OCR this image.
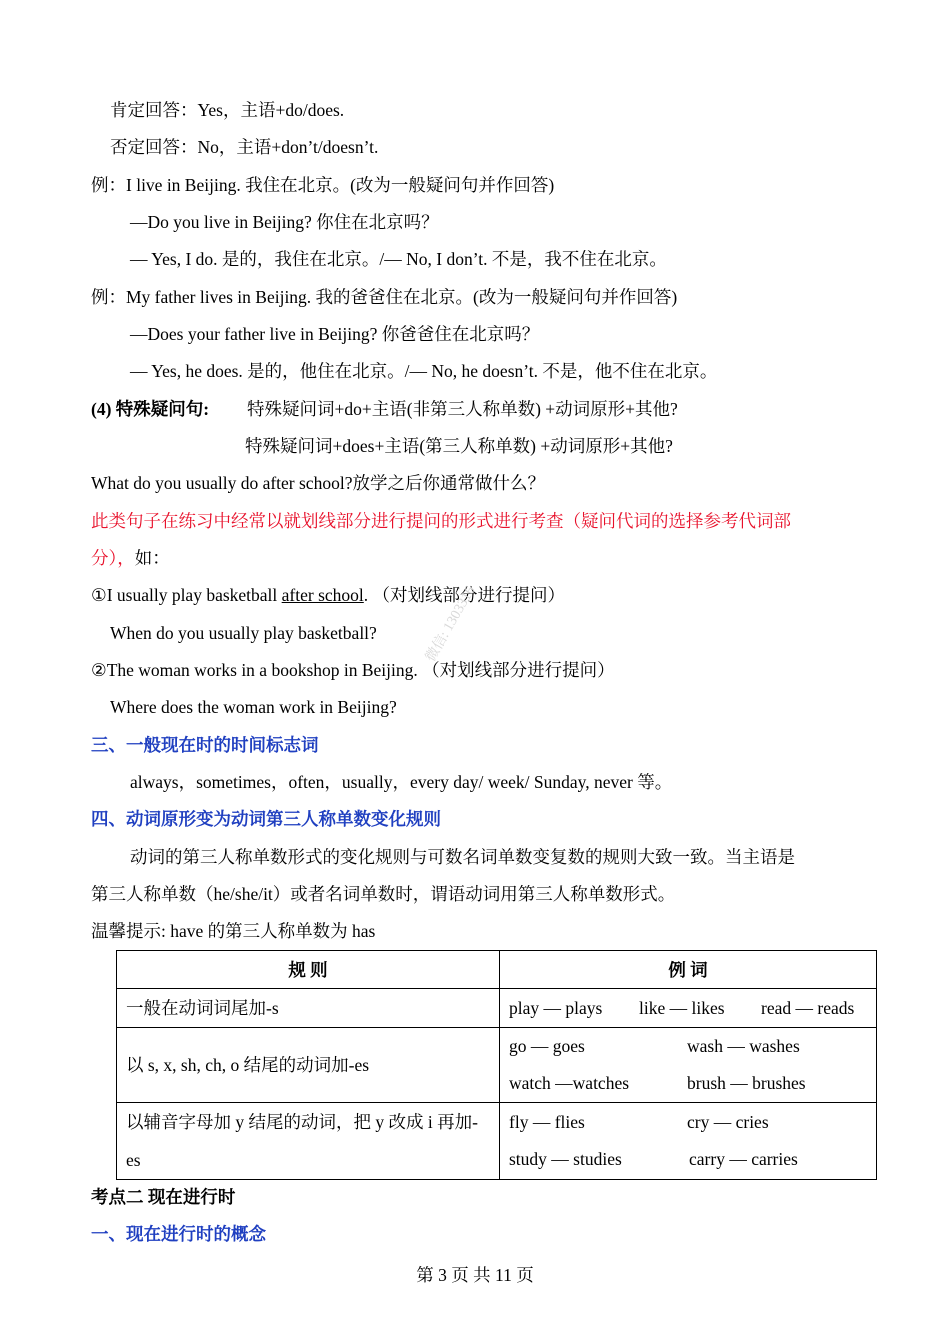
肯定回答：Yes，主语+do/does.
否定回答：No，主语+don’t/doesn’t.
例：I live in Beijing. 我住在北京。(改为一般疑问句并作回答)
—Do you live in Beijing? 你住在北京吗？
— Yes, I do. 是的，我住在北京。/— No, I don’t. 不是，我不住在北京。
例：My father lives in Beijing. 我的爸爸住在北京。(改为一般疑问句并作回答)
—Does your father live in Beijing? 你爸爸住在北京吗？
— Yes, he does. 是的，他住在北京。/— No, he doesn’t. 不是，他不住在北京。
(4) 特殊疑问句: 特殊疑问词+do+主语(非第三人称单数) +动词原形+其他?
特殊疑问词+does+主语(第三人称单数) +动词原形+其他?
What do you usually do after school?放学之后你通常做什么？
此类句子在练习中经常以就划线部分进行提问的形式进行考查（疑问代词的选择参考代词部
分），如：
①I usually play basketball after school. （对划线部分进行提问）
When do you usually play basketball?
②The woman works in a bookshop in Beijing. （对划线部分进行提问）
Where does the woman work in Beijing?
微信: 1303316
三、一般现在时的时间标志词
always，sometimes，often，usually，every day/ week/ Sunday, never 等。
四、动词原形变为动词第三人称单数变化规则
动词的第三人称单数形式的变化规则与可数名词单数变复数的规则大致一致。当主语是
第三人称单数（he/she/it）或者名词单数时，谓语动词用第三人称单数形式。
温馨提示: have 的第三人称单数为 has
规 则	例 词
一般在动词词尾加-s	play — plays like — likes read — reads

以 s, x, sh, ch, o 结尾的动词加-es	go — goes wash — washes
watch —watches brush — brushes

以辅音字母加 y 结尾的动词，把 y 改成 i 再加-es	fly — flies cry — cries
study — studies carry — carries
考点二 现在进行时
一、现在进行时的概念
第 3 页 共 11 页
